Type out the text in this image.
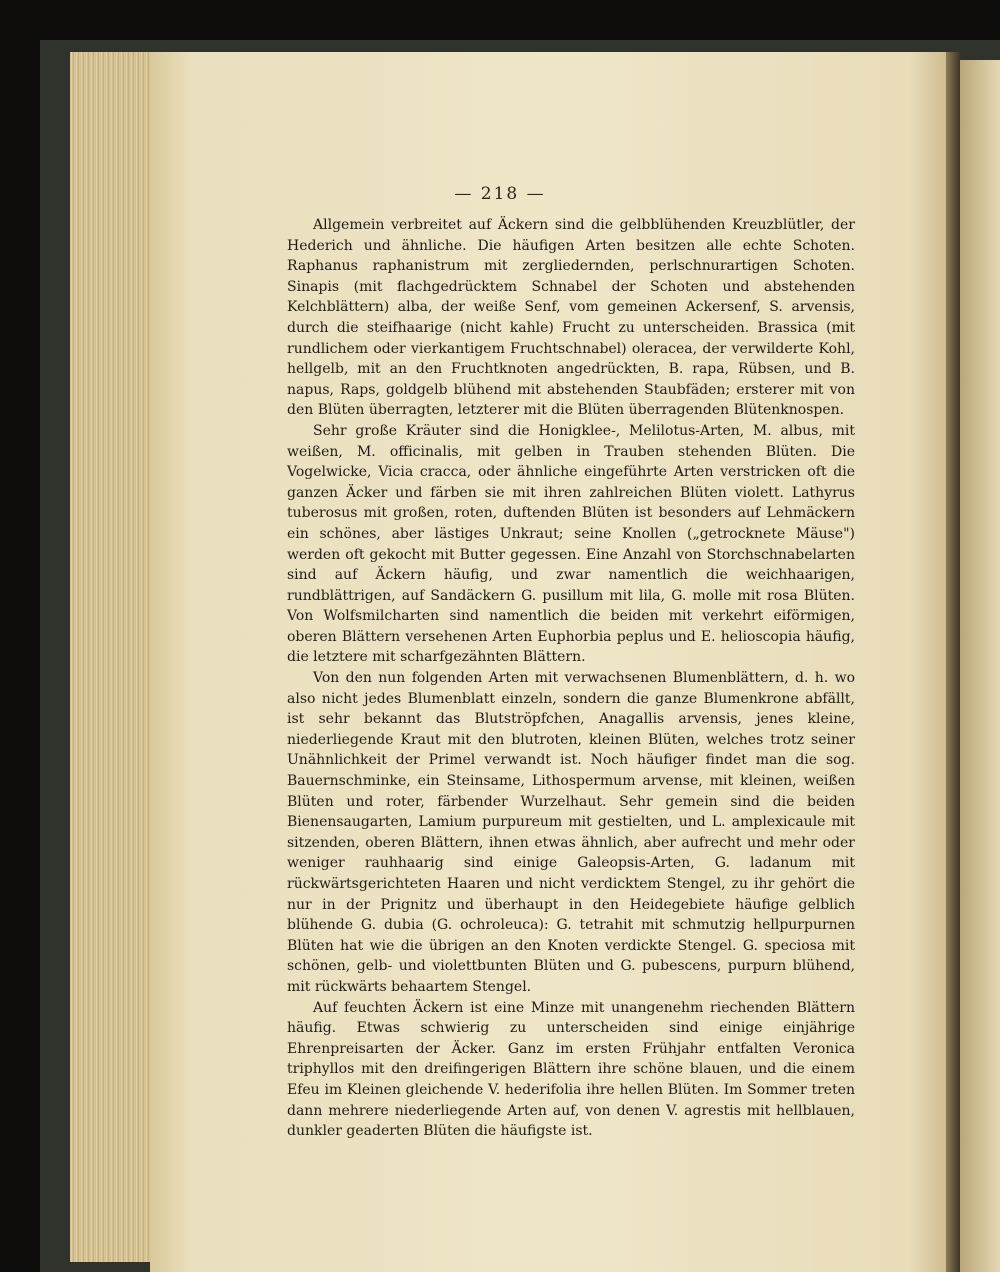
— 218 —

Allgemein verbreitet auf Äckern sind die gelbblühenden Kreuzblütler, der Hederich und ähnliche. Die häufigen Arten besitzen alle echte Schoten. Raphanus raphanistrum mit zergliedernden, perlschnurartigen Schoten. Sinapis (mit flachgedrücktem Schnabel der Schoten und abstehenden Kelchblättern) alba, der weiße Senf, vom gemeinen Ackersenf, S. arvensis, durch die steifhaarige (nicht kahle) Frucht zu unterscheiden. Brassica (mit rundlichem oder vierkantigem Fruchtschnabel) oleracea, der verwilderte Kohl, hellgelb, mit an den Fruchtknoten angedrückten, B. rapa, Rübsen, und B. napus, Raps, goldgelb blühend mit abstehenden Staubfäden; ersterer mit von den Blüten überragten, letzterer mit die Blüten überragenden Blütenknospen.

Sehr große Kräuter sind die Honigklee-, Melilotus-Arten, M. albus, mit weißen, M. officinalis, mit gelben in Trauben stehenden Blüten. Die Vogelwicke, Vicia cracca, oder ähnliche eingeführte Arten verstricken oft die ganzen Äcker und färben sie mit ihren zahlreichen Blüten violett. Lathyrus tuberosus mit großen, roten, duftenden Blüten ist besonders auf Lehmäckern ein schönes, aber lästiges Unkraut; seine Knollen („getrocknete Mäuse") werden oft gekocht mit Butter gegessen. Eine Anzahl von Storchschnabelarten sind auf Äckern häufig, und zwar namentlich die weichhaarigen, rundblättrigen, auf Sandäckern G. pusillum mit lila, G. molle mit rosa Blüten. Von Wolfsmilcharten sind namentlich die beiden mit verkehrt eiförmigen, oberen Blättern versehenen Arten Euphorbia peplus und E. helioscopia häufig, die letztere mit scharfgezähnten Blättern.

Von den nun folgenden Arten mit verwachsenen Blumenblättern, d. h. wo also nicht jedes Blumenblatt einzeln, sondern die ganze Blumenkrone abfällt, ist sehr bekannt das Blutströpfchen, Anagallis arvensis, jenes kleine, niederliegende Kraut mit den blutroten, kleinen Blüten, welches trotz seiner Unähnlichkeit der Primel verwandt ist. Noch häufiger findet man die sog. Bauernschminke, ein Steinsame, Lithospermum arvense, mit kleinen, weißen Blüten und roter, färbender Wurzelhaut. Sehr gemein sind die beiden Bienensaugarten, Lamium purpureum mit gestielten, und L. amplexicaule mit sitzenden, oberen Blättern, ihnen etwas ähnlich, aber aufrecht und mehr oder weniger rauhhaarig sind einige Galeopsis-Arten, G. ladanum mit rückwärtsgerichteten Haaren und nicht verdicktem Stengel, zu ihr gehört die nur in der Prignitz und überhaupt in den Heidegebiete häufige gelblich blühende G. dubia (G. ochroleuca): G. tetrahit mit schmutzig hellpurpurnen Blüten hat wie die übrigen an den Knoten verdickte Stengel. G. speciosa mit schönen, gelb- und violettbunten Blüten und G. pubescens, purpurn blühend, mit rückwärts behaartem Stengel.

Auf feuchten Äckern ist eine Minze mit unangenehm riechenden Blättern häufig. Etwas schwierig zu unterscheiden sind einige einjährige Ehrenpreisarten der Äcker. Ganz im ersten Frühjahr entfalten Veronica triphyllos mit den dreifingerigen Blättern ihre schöne blauen, und die einem Efeu im Kleinen gleichende V. hederifolia ihre hellen Blüten. Im Sommer treten dann mehrere niederliegende Arten auf, von denen V. agrestis mit hellblauen, dunkler geaderten Blüten die häufigste ist.
